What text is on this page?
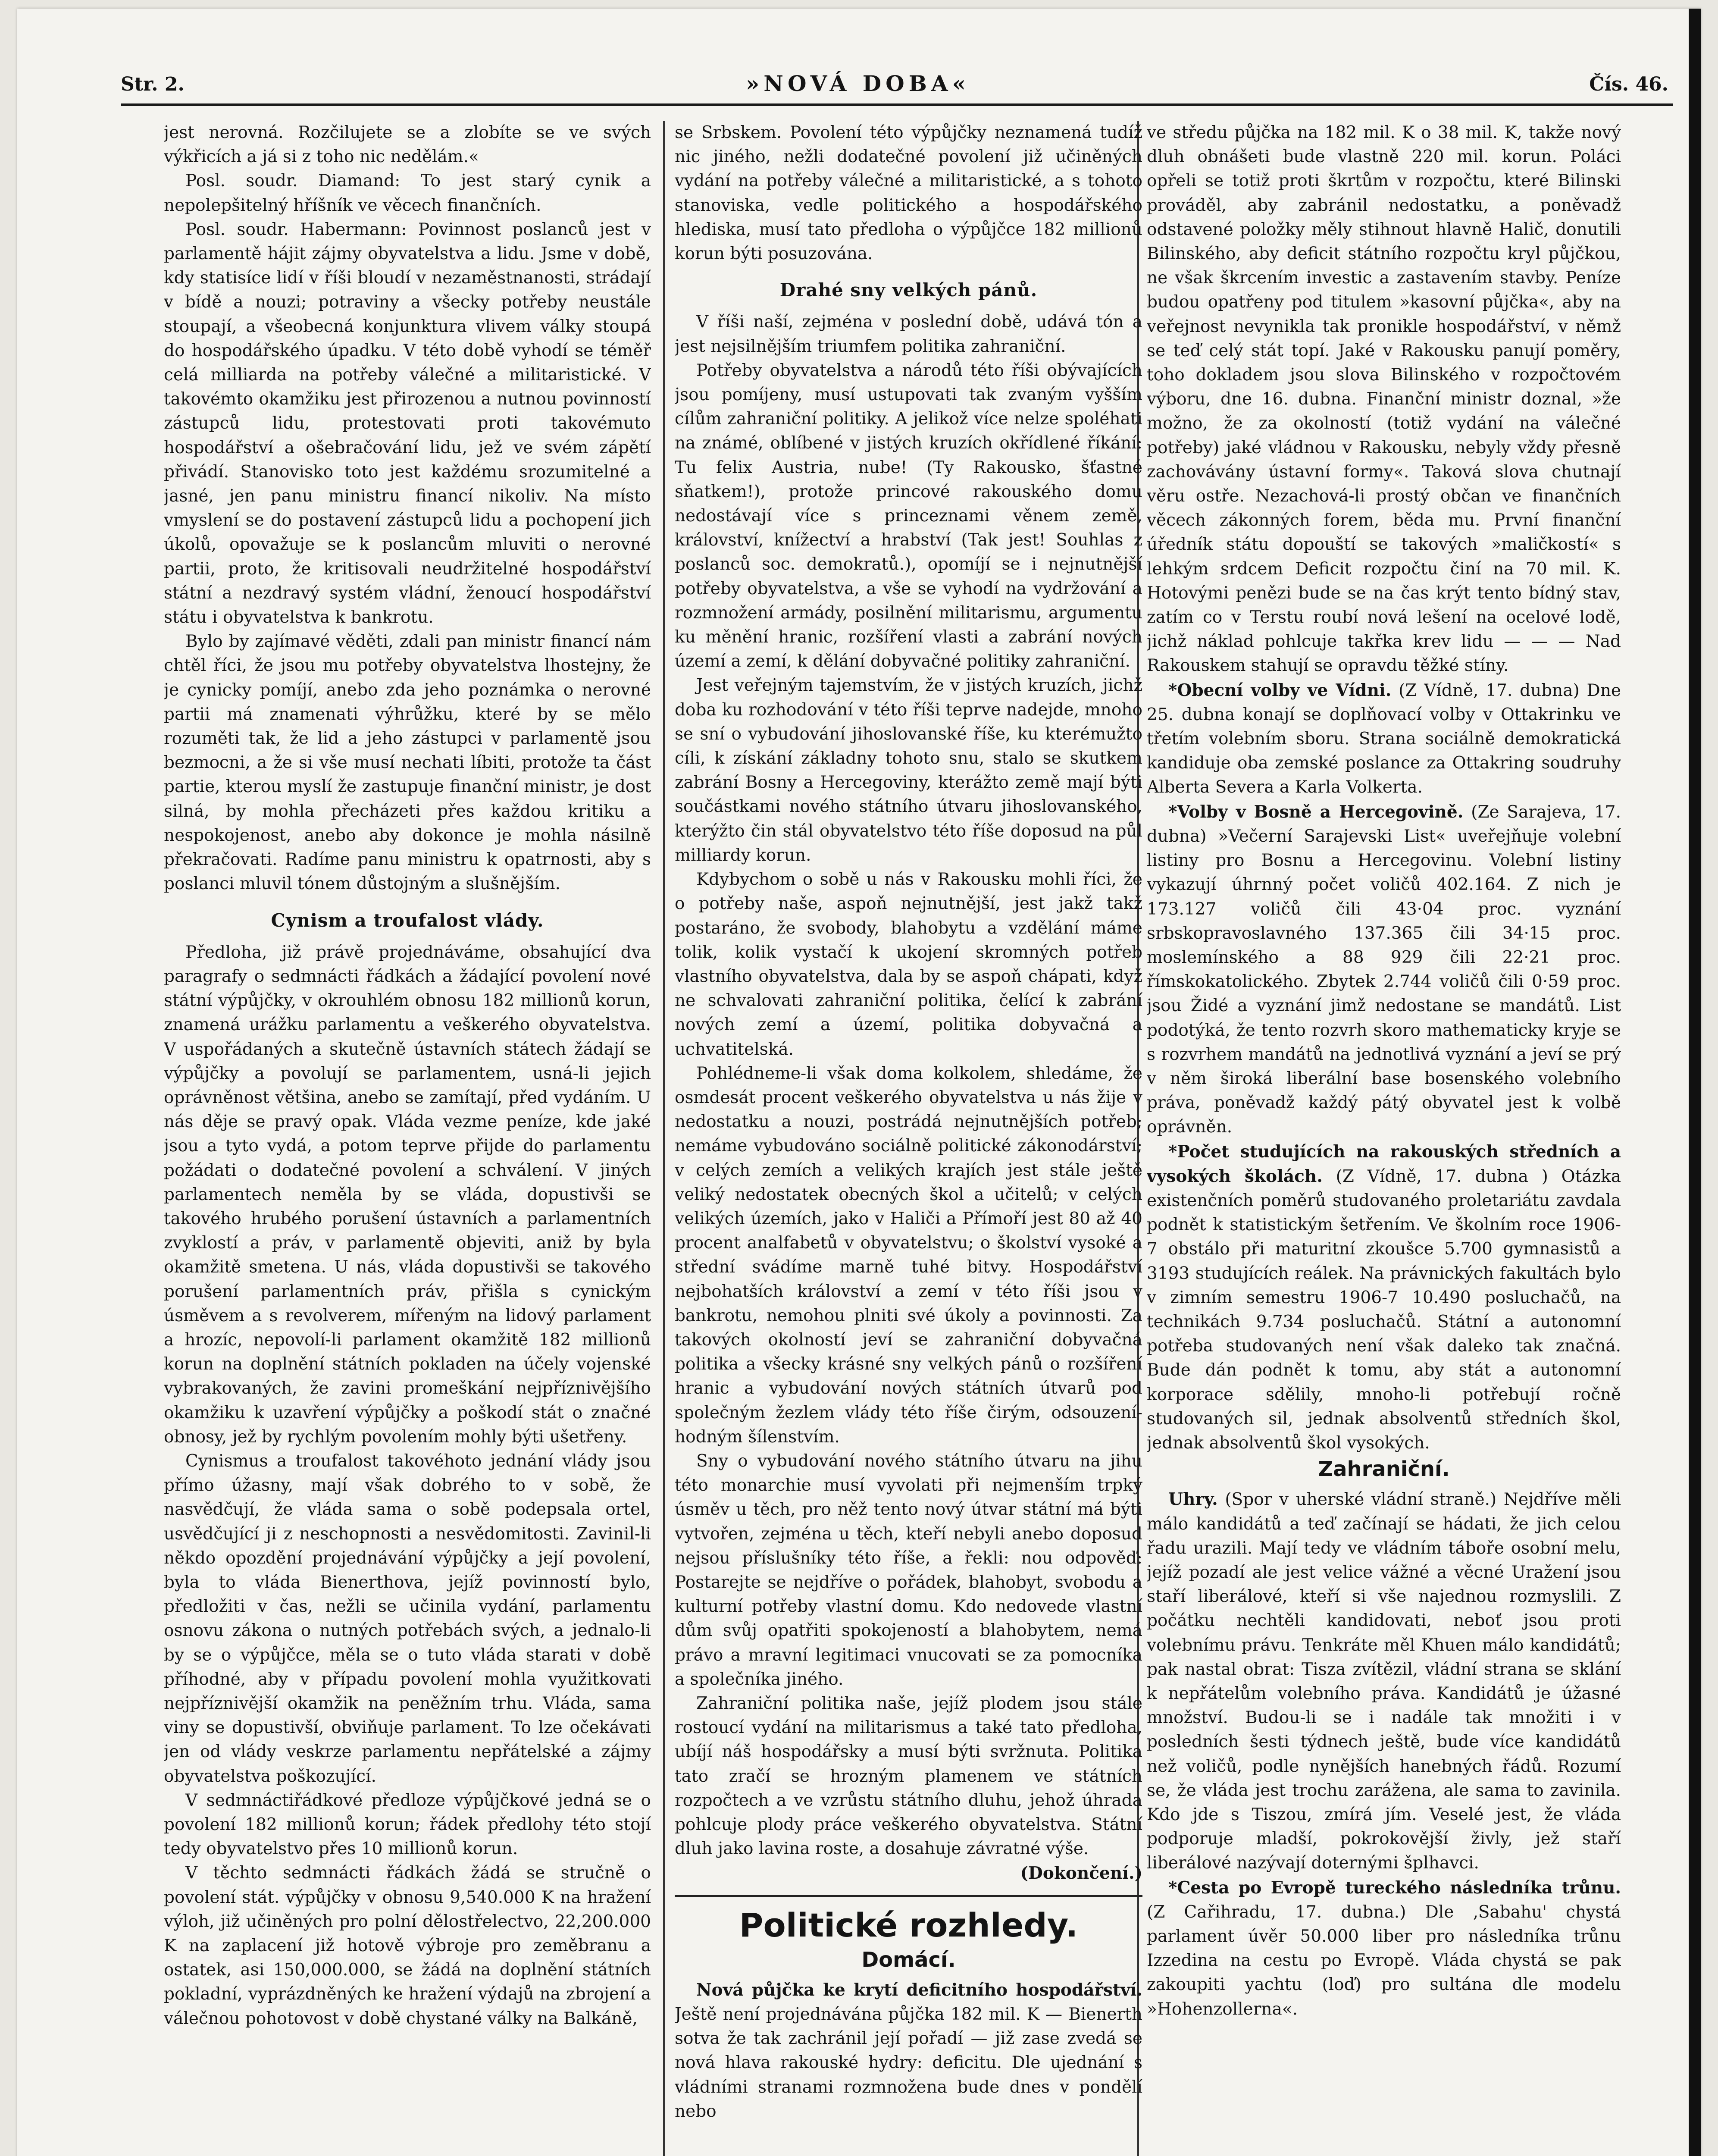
Str. 2.	»NOVÁ DOBA«	Čís. 46.

jest nerovná. Rozčilujete se a zlobíte se ve svých výkřicích a já si z toho nic nedělám.«

Posl. soudr. Diamand: To jest starý cynik a nepolepšitelný hříšník ve věcech finančních.

Posl. soudr. Habermann: Povinnost poslanců jest v parlamentě hájit zájmy obyvatelstva a lidu. Jsme v době, kdy statisíce lidí v říši bloudí v nezaměstnanosti, strádají v bídě a nouzi; potraviny a všecky potřeby neustále stoupají, a všeobecná konjunktura vlivem války stoupá do hospodářského úpadku. V této době vyhodí se téměř celá milliarda na potřeby válečné a militaristické. V takovémto okamžiku jest přirozenou a nutnou povinností zástupců lidu, protestovati proti takovémuto hospodářství a ošebračování lidu, jež ve svém zápětí přivádí. Stanovisko toto jest každému srozumitelné a jasné, jen panu ministru financí nikoliv. Na místo vmyslení se do postavení zástupců lidu a pochopení jich úkolů, opovažuje se k poslancům mluviti o nerovné partii, proto, že kritisovali neudržitelné hospodářství státní a nezdravý systém vládní, ženoucí hospodářství státu i obyvatelstva k bankrotu.

Bylo by zajímavé věděti, zdali pan ministr financí nám chtěl říci, že jsou mu potřeby obyvatelstva lhostejny, že je cynicky pomíjí, anebo zda jeho poznámka o nerovné partii má znamenati výhrůžku, které by se mělo rozuměti tak, že lid a jeho zástupci v parlamentě jsou bezmocni, a že si vše musí nechati líbiti, protože ta část partie, kterou myslí že zastupuje finanční ministr, je dost silná, by mohla přecházeti přes každou kritiku a nespokojenost, anebo aby dokonce je mohla násilně překračovati. Radíme panu ministru k opatrnosti, aby s poslanci mluvil tónem důstojným a slušnějším.

Cynism a troufalost vlády.

Předloha, již právě projednáváme, obsahující dva paragrafy o sedmnácti řádkách a žádající povolení nové státní výpůjčky, v okrouhlém obnosu 182 millionů korun, znamená urážku parlamentu a veškerého obyvatelstva. V uspořádaných a skutečně ústavních státech žádají se výpůjčky a povolují se parlamentem, usná-li jejich oprávněnost většina, anebo se zamítají, před vydáním. U nás děje se pravý opak. Vláda vezme peníze, kde jaké jsou a tyto vydá, a potom teprve přijde do parlamentu požádati o dodatečné povolení a schválení. V jiných parlamentech neměla by se vláda, dopustivši se takového hrubého porušení ústavních a parlamentních zvyklostí a práv, v parlamentě objeviti, aniž by byla okamžitě smetena. U nás, vláda dopustivši se takového porušení parlamentních práv, přišla s cynickým úsměvem a s revolverem, mířeným na lidový parlament a hrozíc, nepovolí-li parlament okamžitě 182 millionů korun na doplnění státních pokladen na účely vojenské vybrakovaných, že zavini promeškání nejpříznivějšího okamžiku k uzavření výpůjčky a poškodí stát o značné obnosy, jež by rychlým povolením mohly býti ušetřeny.

Cynismus a troufalost takovéhoto jednání vlády jsou přímo úžasny, mají však dobrého to v sobě, že nasvědčují, že vláda sama o sobě podepsala ortel, usvědčující ji z neschopnosti a nesvědomitosti. Zavinil-li někdo opozdění projednávání výpůjčky a její povolení, byla to vláda Bienerthova, jejíž povinností bylo, předložiti v čas, nežli se učinila vydání, parlamentu osnovu zákona o nutných potřebách svých, a jednalo-li by se o výpůjčce, měla se o tuto vláda starati v době příhodné, aby v případu povolení mohla využitkovati nejpříznivější okamžik na peněžním trhu. Vláda, sama viny se dopustivší, obviňuje parlament. To lze očekávati jen od vlády veskrze parlamentu nepřátelské a zájmy obyvatelstva poškozující.

V sedmnáctiřádkové předloze výpůjčkové jedná se o povolení 182 millionů korun; řádek předlohy této stojí tedy obyvatelstvo přes 10 millionů korun.

V těchto sedmnácti řádkách žádá se stručně o povolení stát. výpůjčky v obnosu 9,540.000 K na hražení výloh, již učiněných pro polní dělostřelectvo, 22,200.000 K na zaplacení již hotově výbroje pro zeměbranu a ostatek, asi 150,000.000, se žádá na doplnění státních pokladní, vyprázdněných ke hražení výdajů na zbrojení a válečnou pohotovost v době chystané války na Balkáně,

se Srbskem. Povolení této výpůjčky neznamená tudíž nic jiného, nežli dodatečné povolení již učiněných vydání na potřeby válečné a militaristické, a s tohoto stanoviska, vedle politického a hospodářského hlediska, musí tato předloha o výpůjčce 182 millionů korun býti posuzována.

Drahé sny velkých pánů.

V říši naší, zejména v poslední době, udává tón a jest nejsilnějším triumfem politika zahraniční.

Potřeby obyvatelstva a národů této říši obývajících jsou pomíjeny, musí ustupovati tak zvaným vyšším cílům zahraniční politiky. A jelikož více nelze spoléhati na známé, oblíbené v jistých kruzích okřídlené říkání: Tu felix Austria, nube! (Ty Rakousko, šťastné sňatkem!), protože princové rakouského domu nedostávají více s princeznami věnem země, království, knížectví a hrabství (Tak jest! Souhlas z poslanců soc. demokratů.), opomíjí se i nejnutnější potřeby obyvatelstva, a vše se vyhodí na vydržování a rozmnožení armády, posilnění militarismu, argumentu ku měnění hranic, rozšíření vlasti a zabrání nových území a zemí, k dělání dobyvačné politiky zahraniční.

Jest veřejným tajemstvím, že v jistých kruzích, jichž doba ku rozhodování v této říši teprve nadejde, mnoho se sní o vybudování jihoslovanské říše, ku kterémužto cíli, k získání základny tohoto snu, stalo se skutkem zabrání Bosny a Hercegoviny, kterážto země mají býti součástkami nového státního útvaru jihoslovanského, kterýžto čin stál obyvatelstvo této říše doposud na půl milliardy korun.

Kdybychom o sobě u nás v Rakousku mohli říci, že o potřeby naše, aspoň nejnutnější, jest jakž takž postaráno, že svobody, blahobytu a vzdělání máme tolik, kolik vystačí k ukojení skromných potřeb vlastního obyvatelstva, dala by se aspoň chápati, když ne schvalovati zahraniční politika, čelící k zabrání nových zemí a území, politika dobyvačná a uchvatitelská.

Pohlédneme-li však doma kolkolem, shledáme, že osmdesát procent veškerého obyvatelstva u nás žije v nedostatku a nouzi, postrádá nejnutnějších potřeb; nemáme vybudováno sociálně politické zákonodárství; v celých zemích a velikých krajích jest stále ještě veliký nedostatek obecných škol a učitelů; v celých velikých územích, jako v Haliči a Přímoří jest 80 až 40 procent analfabetů v obyvatelstvu; o školství vysoké a střední svádíme marně tuhé bitvy. Hospodářství nejbohatších království a zemí v této říši jsou v bankrotu, nemohou plniti své úkoly a povinnosti. Za takových okolností jeví se zahraniční dobyvačná politika a všecky krásné sny velkých pánů o rozšíření hranic a vybudování nových státních útvarů pod společným žezlem vlády této říše čirým, odsouzení-hodným šílenstvím.

Sny o vybudování nového státního útvaru na jihu této monarchie musí vyvolati při nejmenším trpký úsměv u těch, pro něž tento nový útvar státní má býti vytvořen, zejména u těch, kteří nebyli anebo doposud nejsou příslušníky této říše, a řekli: nou odpověď: Postarejte se nejdříve o pořádek, blahobyt, svobodu a kulturní potřeby vlastní domu. Kdo nedovede vlastní dům svůj opatřiti spokojeností a blahobytem, nemá právo a mravní legitimaci vnucovati se za pomocníka a společníka jiného.

Zahraniční politika naše, jejíž plodem jsou stále rostoucí vydání na militarismus a také tato předloha, ubíjí náš hospodářsky a musí býti svržnuta. Politika tato zračí se hrozným plamenem ve státních rozpočtech a ve vzrůstu státního dluhu, jehož úhrada pohlcuje plody práce veškerého obyvatelstva. Státní dluh jako lavina roste, a dosahuje závratné výše.

(Dokončení.)
Politické rozhledy.
Domácí.

Nová půjčka ke krytí deficitního hospodářství. Ještě není projednávána půjčka 182 mil. K — Bienerth sotva že tak zachránil její pořadí — již zase zvedá se nová hlava rakouské hydry: deficitu. Dle ujednání s vládními stranami rozmnožena bude dnes v pondělí nebo

ve středu půjčka na 182 mil. K o 38 mil. K, takže nový dluh obnášeti bude vlastně 220 mil. korun. Poláci opřeli se totiž proti škrtům v rozpočtu, které Bilinski prováděl, aby zabránil nedostatku, a poněvadž odstavené položky měly stihnout hlavně Halič, donutili Bilinského, aby deficit státního rozpočtu kryl půjčkou, ne však škrcením investic a zastavením stavby. Peníze budou opatřeny pod titulem »kasovní půjčka«, aby na veřejnost nevynikla tak pronikle hospodářství, v němž se teď celý stát topí. Jaké v Rakousku panují poměry, toho dokladem jsou slova Bilinského v rozpočtovém výboru, dne 16. dubna. Finanční ministr doznal, »že možno, že za okolností (totiž vydání na válečné potřeby) jaké vládnou v Rakousku, nebyly vždy přesně zachovávány ústavní formy«. Taková slova chutnají věru ostře. Nezachová-li prostý občan ve finančních věcech zákonných forem, běda mu. První finanční úředník státu dopouští se takových »maličkostí« s lehkým srdcem Deficit rozpočtu činí na 70 mil. K. Hotovými penězi bude se na čas krýt tento bídný stav, zatím co v Terstu roubí nová lešení na ocelové lodě, jichž náklad pohlcuje takřka krev lidu — — — Nad Rakouskem stahují se opravdu těžké stíny.

*Obecní volby ve Vídni. (Z Vídně, 17. dubna) Dne 25. dubna konají se doplňovací volby v Ottakrinku ve třetím volebním sboru. Strana sociálně demokratická kandiduje oba zemské poslance za Ottakring soudruhy Alberta Severa a Karla Volkerta.

*Volby v Bosně a Hercegovině. (Ze Sarajeva, 17. dubna) »Večerní Sarajevski List« uveřejňuje volební listiny pro Bosnu a Hercegovinu. Volební listiny vykazují úhrnný počet voličů 402.164. Z nich je 173.127 voličů čili 43·04 proc. vyznání srbskopravoslavného 137.365 čili 34·15 proc. moslemínského a 88 929 čili 22·21 proc. římskokatolického. Zbytek 2.744 voličů čili 0·59 proc. jsou Židé a vyznání jimž nedostane se mandátů. List podotýká, že tento rozvrh skoro mathematicky kryje se s rozvrhem mandátů na jednotlivá vyznání a jeví se prý v něm široká liberální base bosenského volebního práva, poněvadž každý pátý obyvatel jest k volbě oprávněn.

*Počet studujících na rakouských středních a vysokých školách. (Z Vídně, 17. dubna ) Otázka existenčních poměrů studovaného proletariátu zavdala podnět k statistickým šetřením. Ve školním roce 1906-7 obstálo při maturitní zkoušce 5.700 gymnasistů a 3193 studujících reálek. Na právnických fakultách bylo v zimním semestru 1906-7 10.490 posluchačů, na technikách 9.734 posluchačů. Státní a autonomní potřeba studovaných není však daleko tak značná. Bude dán podnět k tomu, aby stát a autonomní korporace sdělily, mnoho-li potřebují ročně studovaných sil, jednak absolventů středních škol, jednak absolventů škol vysokých.

Zahraniční.

Uhry. (Spor v uherské vládní straně.) Nejdříve měli málo kandidátů a teď začínají se hádati, že jich celou řadu urazili. Mají tedy ve vládním táboře osobní melu, jejíž pozadí ale jest velice vážné a věcné Uražení jsou staří liberálové, kteří si vše najednou rozmyslili. Z počátku nechtěli kandidovati, neboť jsou proti volebnímu právu. Tenkráte měl Khuen málo kandidátů; pak nastal obrat: Tisza zvítězil, vládní strana se sklání k nepřátelům volebního práva. Kandidátů je úžasné množství. Budou-li se i nadále tak množiti i v posledních šesti týdnech ještě, bude více kandidátů než voličů, podle nynějších hanebných řádů. Rozumí se, že vláda jest trochu zarážena, ale sama to zavinila. Kdo jde s Tiszou, zmírá jím. Veselé jest, že vláda podporuje mladší, pokrokovější živly, jež staří liberálové nazývají doternými šplhavci.

*Cesta po Evropě tureckého následníka trůnu. (Z Cařihradu, 17. dubna.) Dle ‚Sabahu' chystá parlament úvěr 50.000 liber pro následníka trůnu Izzedina na cestu po Evropě. Vláda chystá se pak zakoupiti yachtu (loď) pro sultána dle modelu »Hohenzollerna«.
